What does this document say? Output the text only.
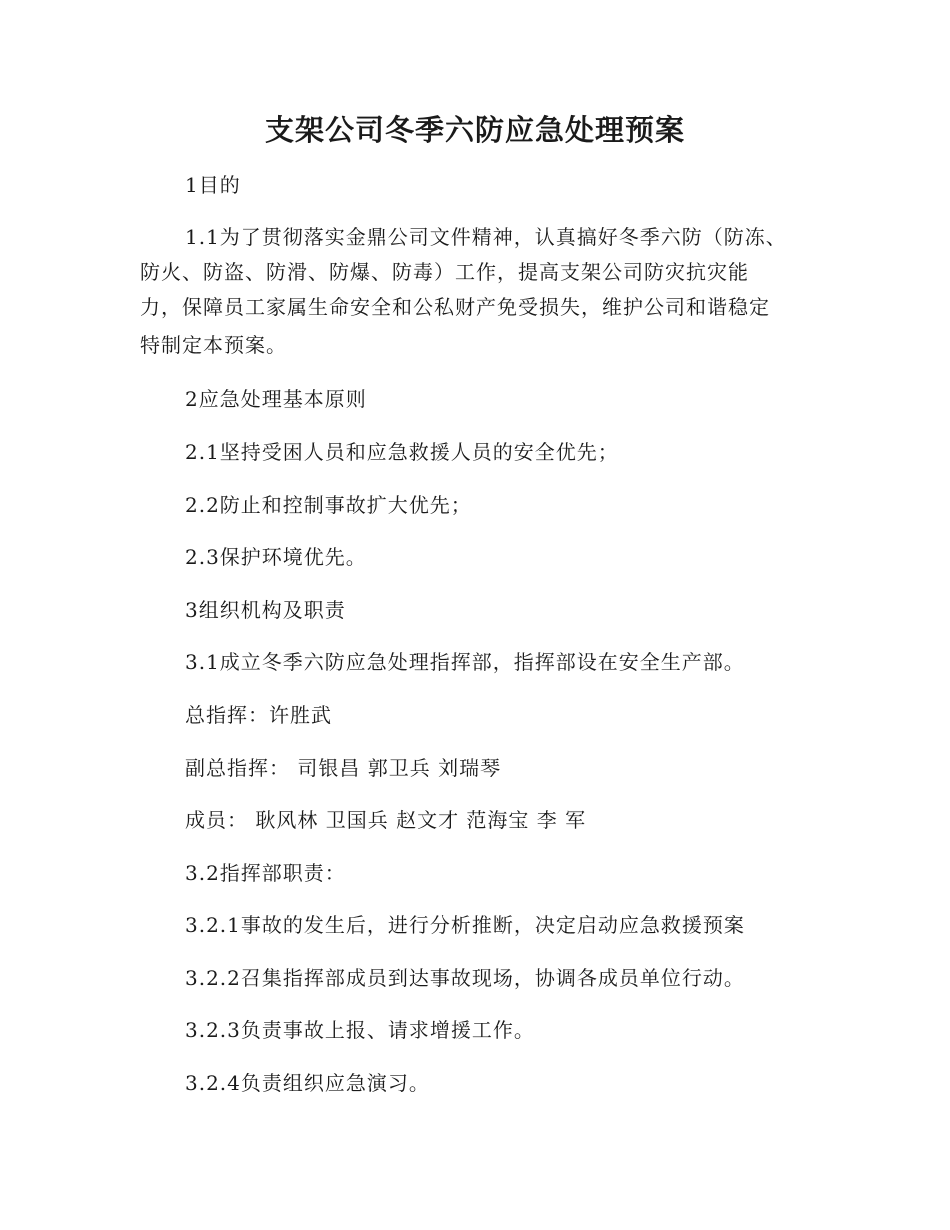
支架公司冬季六防应急处理预案
1目的
1.1为了贯彻落实金鼎公司文件精神，认真搞好冬季六防（防冻、
防火、防盗、防滑、防爆、防毒）工作，提高支架公司防灾抗灾能
力，保障员工家属生命安全和公私财产免受损失，维护公司和谐稳定
特制定本预案。
2应急处理基本原则
2.1坚持受困人员和应急救援人员的安全优先；
2.2防止和控制事故扩大优先；
2.3保护环境优先。
3组织机构及职责
3.1成立冬季六防应急处理指挥部，指挥部设在安全生产部。
总指挥：许胜武
副总指挥： 司银昌 郭卫兵 刘瑞琴
成员： 耿风林 卫国兵 赵文才 范海宝 李 军
3.2指挥部职责：
3.2.1事故的发生后，进行分析推断，决定启动应急救援预案
3.2.2召集指挥部成员到达事故现场，协调各成员单位行动。
3.2.3负责事故上报、请求增援工作。
3.2.4负责组织应急演习。
